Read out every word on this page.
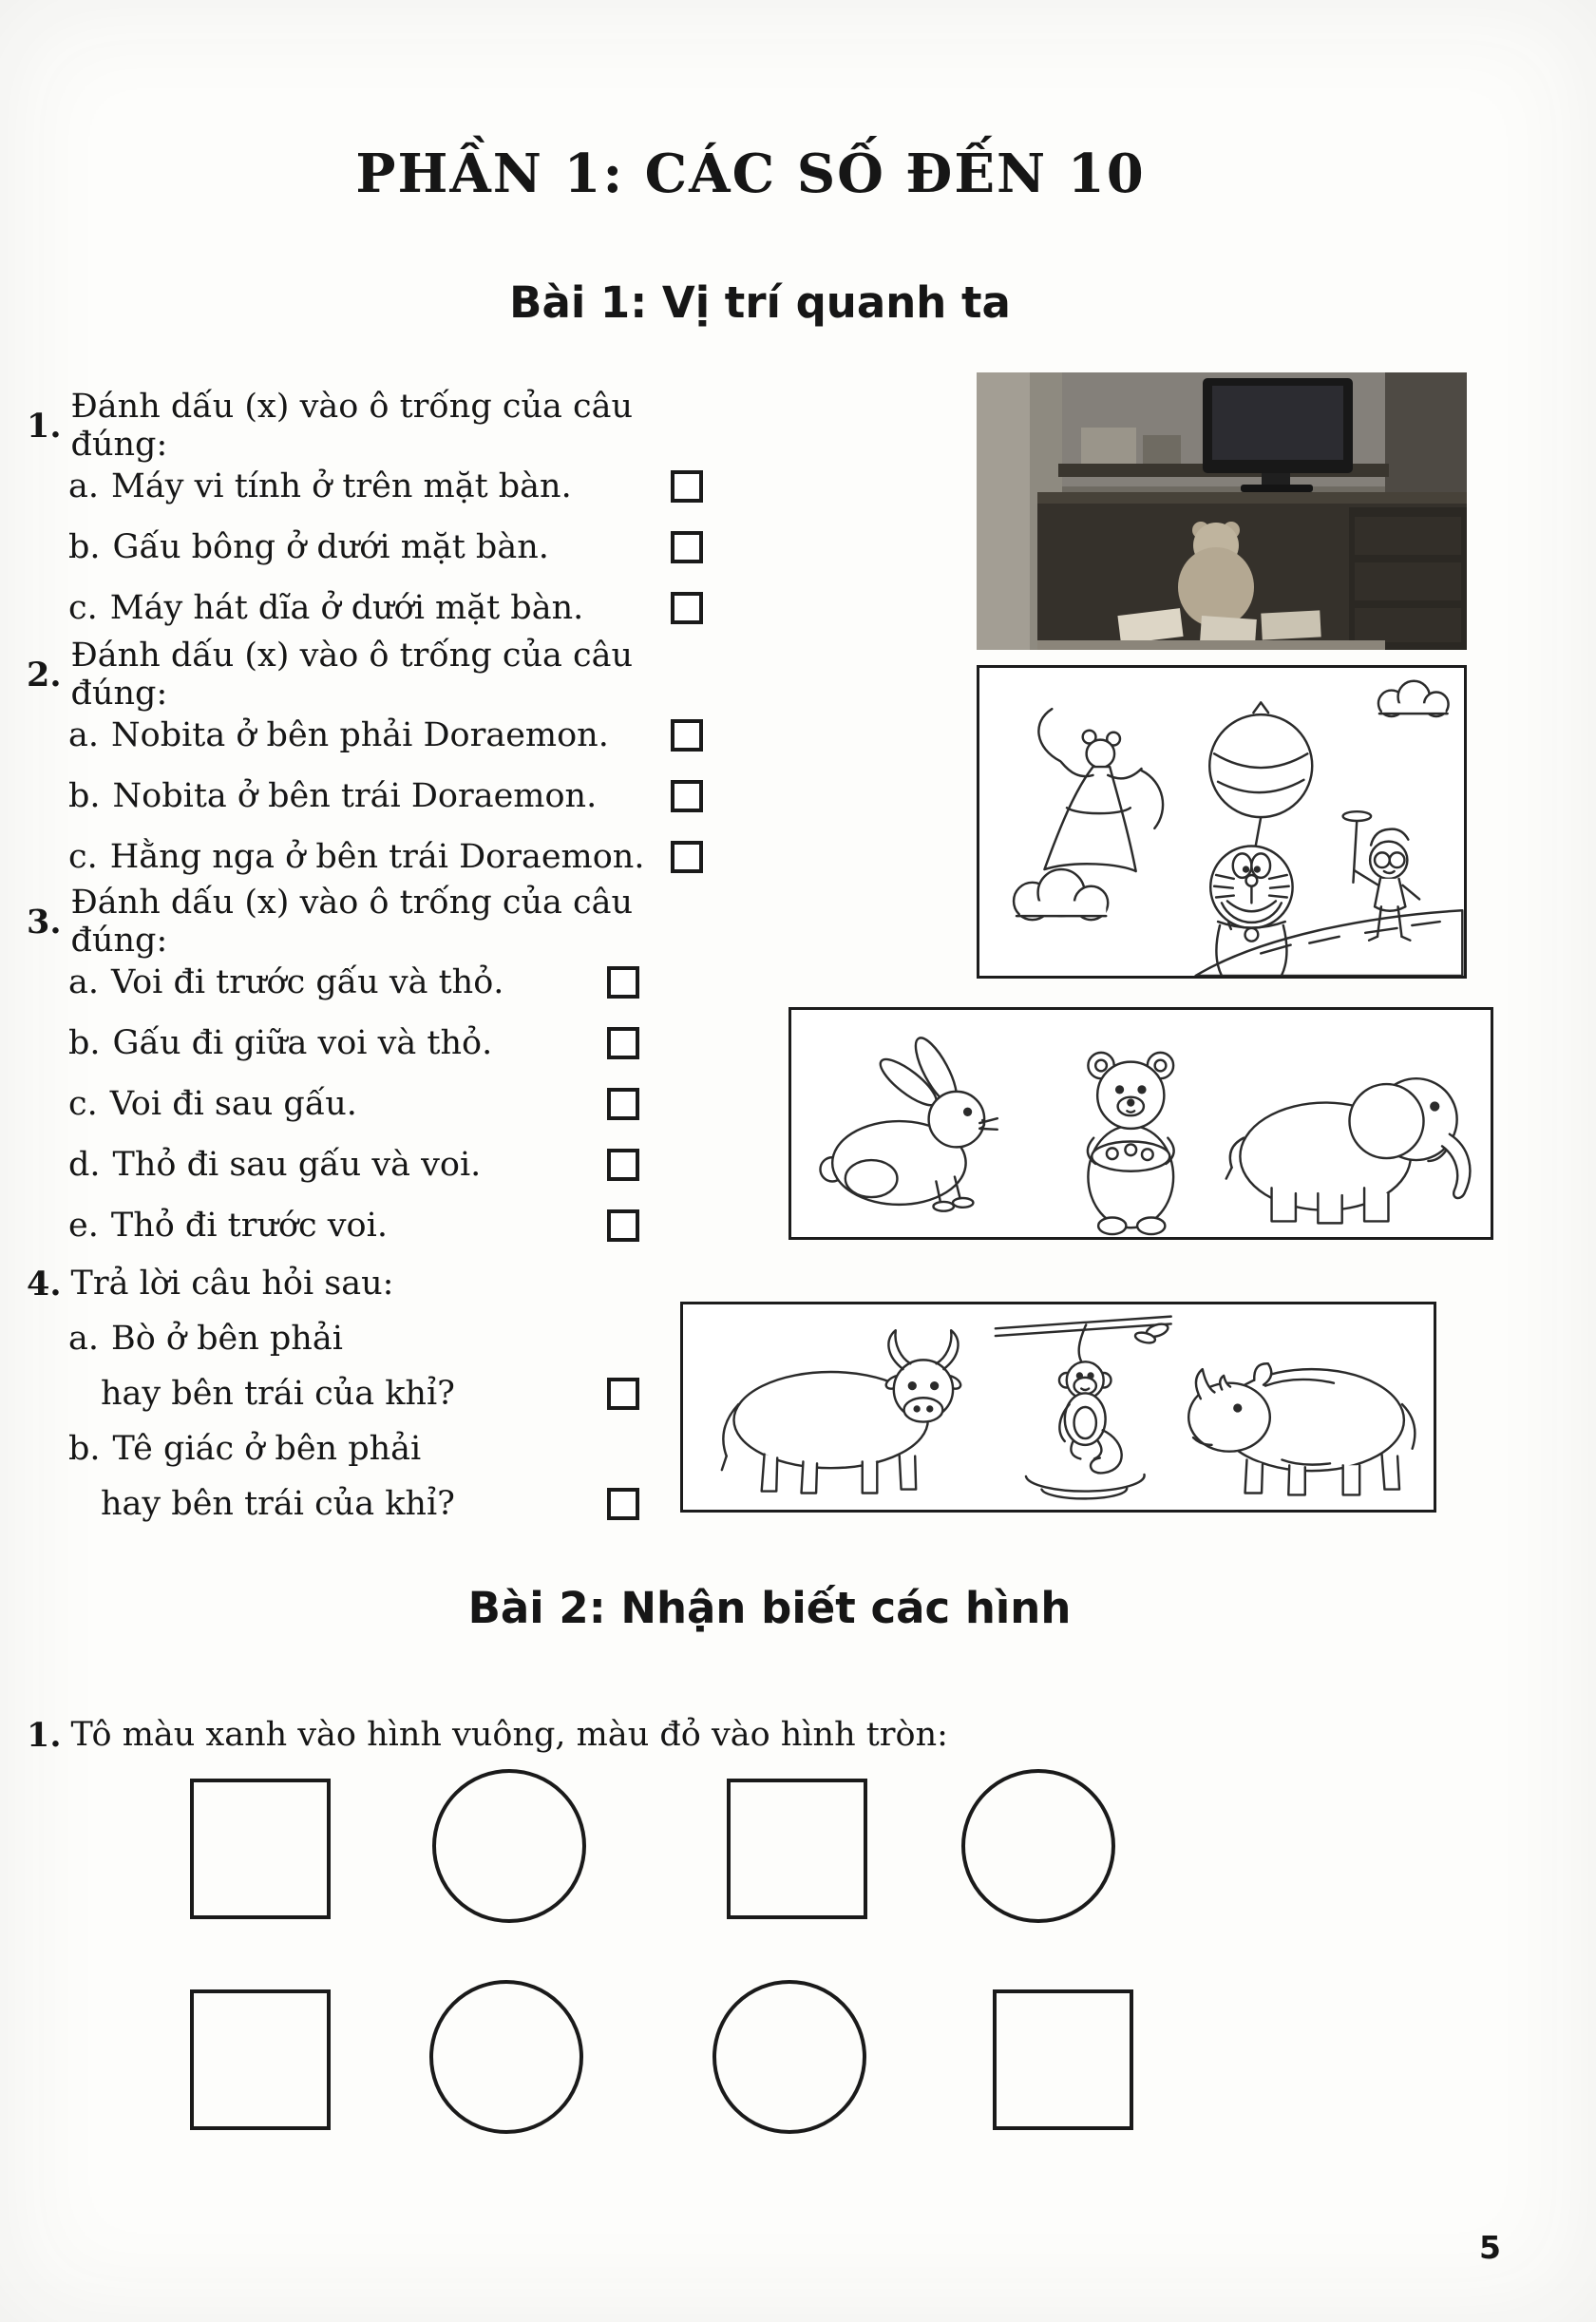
PHẦN 1: CÁC SỐ ĐẾN 10
Bài 1: Vị trí quanh ta
1. Đánh dấu (x) vào ô trống của câu đúng:
a. Máy vi tính ở trên mặt bàn.
b. Gấu bông ở dưới mặt bàn.
c. Máy hát dĩa ở dưới mặt bàn.
2. Đánh dấu (x) vào ô trống của câu đúng:
a. Nobita ở bên phải Doraemon.
b. Nobita ở bên trái Doraemon.
c. Hằng nga ở bên trái Doraemon.
3. Đánh dấu (x) vào ô trống của câu đúng:
a. Voi đi trước gấu và thỏ.
b. Gấu đi giữa voi và thỏ.
c. Voi đi sau gấu.
d. Thỏ đi sau gấu và voi.
e. Thỏ đi trước voi.
4. Trả lời câu hỏi sau:
a. Bò ở bên phải
hay bên trái của khỉ?
b. Tê giác ở bên phải
hay bên trái của khỉ?
Bài 2: Nhận biết các hình
1. Tô màu xanh vào hình vuông, màu đỏ vào hình tròn:
5
